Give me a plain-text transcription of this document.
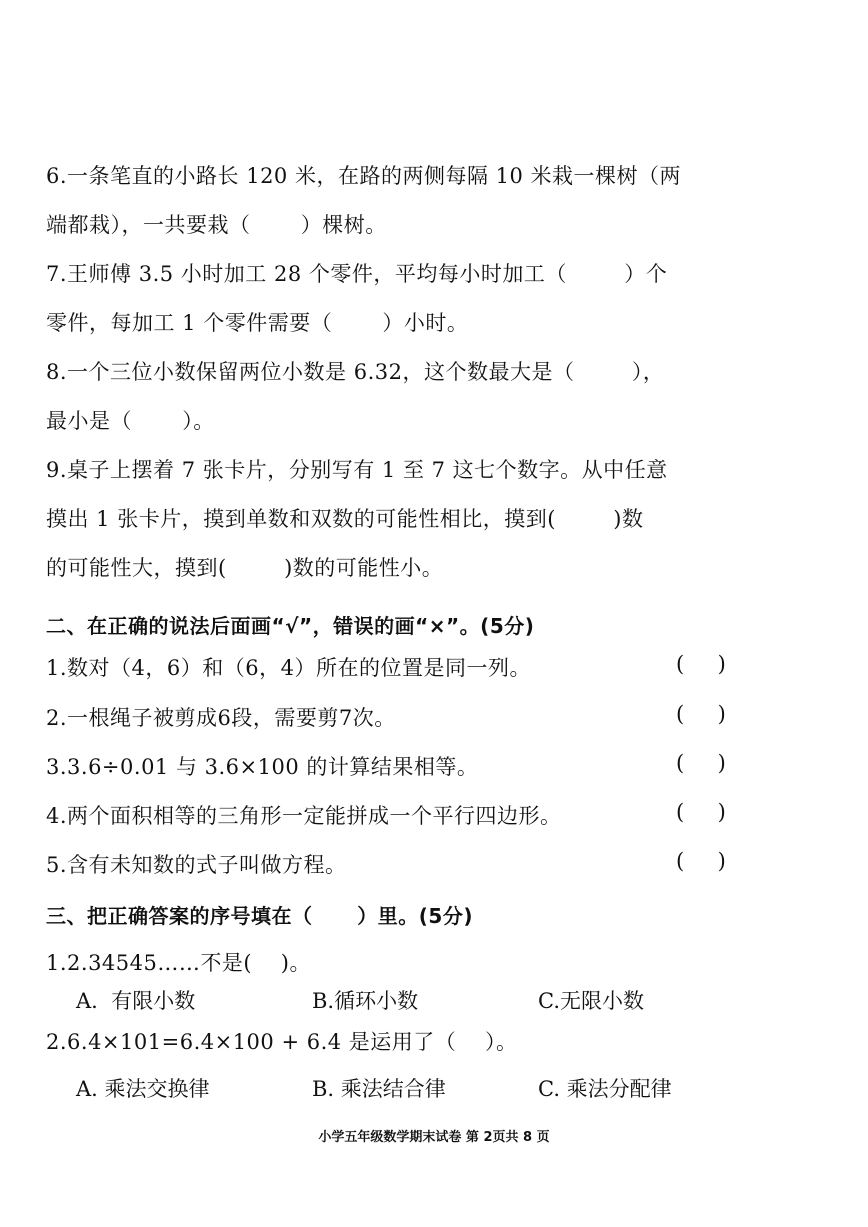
6.一条笔直的小路长 120 米，在路的两侧每隔 10 米栽一棵树（两
端都栽），一共要栽（       ）棵树。
7.王师傅 3.5 小时加工 28 个零件，平均每小时加工（        ）个
零件，每加工 1 个零件需要（       ）小时。
8.一个三位小数保留两位小数是 6.32，这个数最大是（        ），
最小是（       ）。
9.桌子上摆着 7 张卡片，分别写有 1 至 7 这七个数字。从中任意
摸出 1 张卡片，摸到单数和双数的可能性相比，摸到(        )数
的可能性大，摸到(        )数的可能性小。
二、在正确的说法后面画“√”，错误的画“×”。(5分)
1.数对（4，6）和（6，4）所在的位置是同一列。	(     )
2.一根绳子被剪成6段，需要剪7次。	(     )
3.3.6÷0.01 与 3.6×100 的计算结果相等。	(     )
4.两个面积相等的三角形一定能拼成一个平行四边形。	(     )
5.含有未知数的式子叫做方程。	(     )
三、把正确答案的序号填在（      ）里。(5分)
1.2.34545……不是(    )。
A.  有限小数	B.循环小数	C.无限小数
2.6.4×101=6.4×100 + 6.4 是运用了（    ）。
A. 乘法交换律	B. 乘法结合律	C. 乘法分配律
小学五年级数学期末试卷 第 2页共 8 页
